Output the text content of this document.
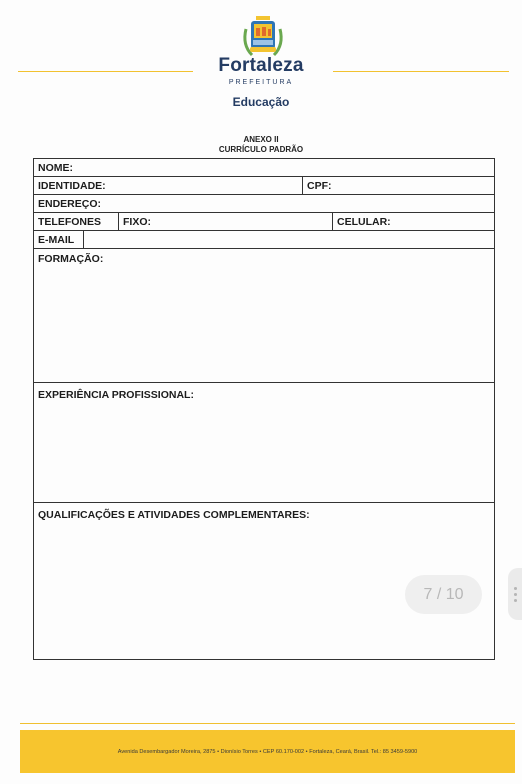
Fortaleza
PREFEITURA
Educação
ANEXO II
CURRÍCULO PADRÃO
NOME:
IDENTIDADE:	CPF:
ENDEREÇO:
TELEFONES	FIXO:	CELULAR:
E-MAIL
FORMAÇÃO:
EXPERIÊNCIA PROFISSIONAL:
QUALIFICAÇÕES E ATIVIDADES COMPLEMENTARES:
Avenida Desembargador Moreira, 2875 • Dionísio Torres • CEP 60.170-002 • Fortaleza, Ceará, Brasil. Tel.: 85 3459-5900
7 / 10
